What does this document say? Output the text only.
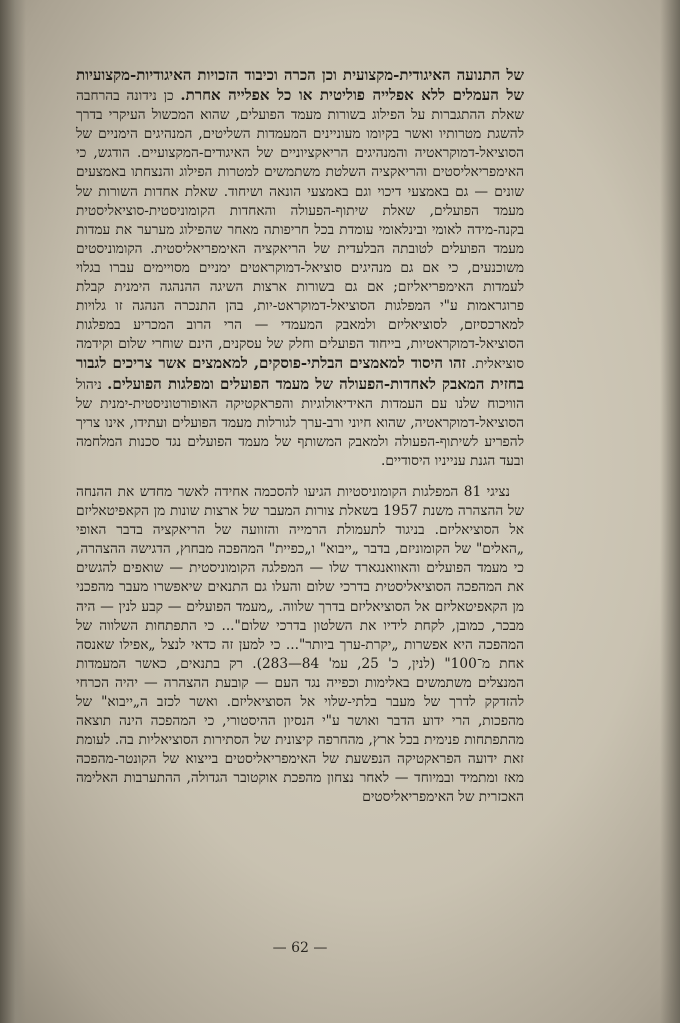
של התנועה האיגודית-מקצועית וכן הכרה וכיבוד הזכויות האיגודיות-מקצועיות של העמלים ללא אפלייה פוליטית או כל אפלייה אחרת. כן נידונה בהרחבה שאלת ההתגברות על הפילוג בשורות מעמד הפועלים, שהוא המכשול העיקרי בדרך להשגת מטרותיו ואשר בקיומו מעוניינים המעמדות השליטים, המנהיגים הימניים של הסוציאל-דמוקראטיה והמנהיגים הריאקציוניים של האיגודים-המקצועיים. הודגש, כי האימפריאליסטים והריאקציה השלטת משתמשים למטרות הפילוג והנצחתו באמצעים שונים — גם באמצעי דיכוי וגם באמצעי הונאה ושיחוד. שאלת אחדות השורות של מעמד הפועלים, שאלת שיתוף-הפעולה והאחדות הקומוניסטית-סוציאליסטית בקנה-מידה לאומי ובינלאומי עומדת בכל חריפותה מאחר שהפילוג מערער את עמדות מעמד הפועלים לטובתה הבלעדית של הריאקציה האימפריאליסטית. הקומוניסטים משוכנעים, כי אם גם מנהיגים סוציאל-דמוקראטים ימניים מסויימים עברו בגלוי לעמדות האימפריאליזם; אם גם בשורות ארצות השיגה ההנהגה הימנית קבלת פרוגראמות ע"י המפלגות הסוציאל-דמוקראט-יות, בהן התנכרה הנהגה זו גלויות למארכסיזם, לסוציאליזם ולמאבק המעמדי — הרי הרוב המכריע במפלגות הסוציאל-דמוקראטיות, בייחוד הפועלים וחלק של עסקנים, הינם שוחרי שלום וקידמה סוציאלית. זהו היסוד למאמצים הבלתי-פוסקים, למאמצים אשר צריכים לגבור בחזית המאבק לאחדות-הפעולה של מעמד הפועלים ומפלגות הפועלים. ניהול הוויכוח שלנו עם העמדות האידיאולוגיות והפראקטיקה האופורטוניסטית-ימנית של הסוציאל-דמוקראטיה, שהוא חיוני ורב-ערך לגורלות מעמד הפועלים ועתידו, אינו צריך להפריע לשיתוף-הפעולה ולמאבק המשותף של מעמד הפועלים נגד סכנות המלחמה ובעד הגנת ענייניו היסודיים.

נציגי 81 המפלגות הקומוניסטיות הגיעו להסכמה אחידה לאשר מחדש את ההנחה של ההצהרה משנת 1957 בשאלת צורות המעבר של ארצות שונות מן הקאפיטאליזם אל הסוציאליזם. בניגוד לתעמולת הרמייה והזוועה של הריאקציה בדבר האופי „האלים" של הקומוניזם, בדבר „ייבוא" ו„כפיית" המהפכה מבחוץ, הדגישה ההצהרה, כי מעמד הפועלים והאוואנגארד שלו — המפלגה הקומוניסטית — שואפים להגשים את המהפכה הסוציאליסטית בדרכי שלום והעלו גם התנאים שיאפשרו מעבר מהפכני מן הקאפיטאליזם אל הסוציאליזם בדרך שלווה. „מעמד הפועלים — קבע לנין — היה מבכר, כמובן, לקחת לידיו את השלטון בדרכי שלום"... כי התפתחות השלווה של המהפכה היא אפשרות „יקרת-ערך ביותר"... כי למען זה כדאי לנצל „אפילו שאנסה אחת מ־100" (לנין, כ' 25, עמ' 84—283). רק בתנאים, כאשר המעמדות המנצלים משתמשים באלימות וכפייה נגד העם — קובעת ההצהרה — יהיה הכרחי להזדקק לדרך של מעבר בלתי-שלוי אל הסוציאליזם. ואשר לכזב ה„ייבוא" של מהפכות, הרי ידוע הדבר ואושר ע"י הנסיון ההיסטורי, כי המהפכה הינה תוצאה מהתפתחות פנימית בכל ארץ, מהחרפה קיצונית של הסתירות הסוציאליות בה. לעומת זאת ידועה הפראקטיקה הנפשעת של האימפריאליסטים בייצוא של הקונטר-מהפכה מאז ומתמיד ובמיוחד — לאחר נצחון מהפכת אוקטובר הגדולה, ההתערבות האלימה האכזרית של האימפריאליסטים

— 62 —
